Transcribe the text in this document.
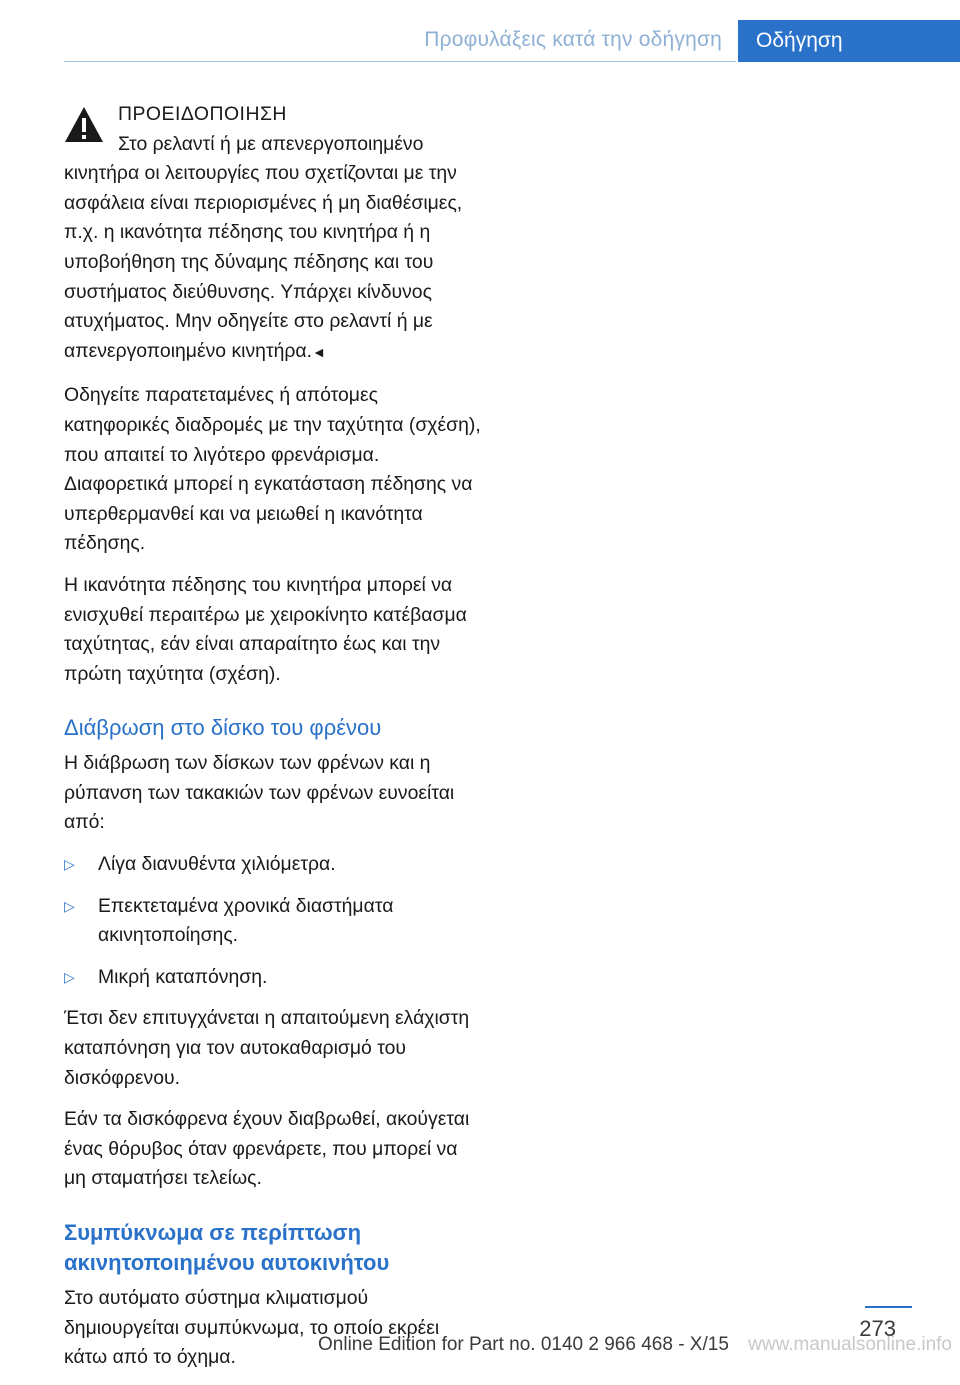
Προφυλάξεις κατά την οδήγηση Οδήγηση
ΠΡΟΕΙΔΟΠΟΙΗΣΗ
Στο ρελαντί ή με απενεργοποιημένο κινητήρα οι λειτουργίες που σχετίζονται με την ασφάλεια είναι περιορισμένες ή μη διαθέσιμες, π.χ. η ικανότητα πέδησης του κινητήρα ή η υποβοήθηση της δύναμης πέδησης και του συστήματος διεύθυνσης. Υπάρχει κίνδυνος ατυχήματος. Μην οδηγείτε στο ρελαντί ή με απενεργοποιημένο κινητήρα.◄

Οδηγείτε παρατεταμένες ή απότομες κατηφορικές διαδρομές με την ταχύτητα (σχέση), που απαιτεί το λιγότερο φρενάρισμα. Διαφορετικά μπορεί η εγκατάσταση πέδησης να υπερθερμανθεί και να μειωθεί η ικανότητα πέδησης.

Η ικανότητα πέδησης του κινητήρα μπορεί να ενισχυθεί περαιτέρω με χειροκίνητο κατέβασμα ταχύτητας, εάν είναι απαραίτητο έως και την πρώτη ταχύτητα (σχέση).

Διάβρωση στο δίσκο του φρένου

Η διάβρωση των δίσκων των φρένων και η ρύπανση των τακακιών των φρένων ευνοείται από:

▷ Λίγα διανυθέντα χιλιόμετρα.
▷ Επεκτεταμένα χρονικά διαστήματα ακινητοποίησης.
▷ Μικρή καταπόνηση.

Έτσι δεν επιτυγχάνεται η απαιτούμενη ελάχιστη καταπόνηση για τον αυτοκαθαρισμό του δισκόφρενου.

Εάν τα δισκόφρενα έχουν διαβρωθεί, ακούγεται ένας θόρυβος όταν φρενάρετε, που μπορεί να μη σταματήσει τελείως.

Συμπύκνωμα σε περίπτωση ακινητοποιημένου αυτοκινήτου

Στο αυτόματο σύστημα κλιματισμού δημιουργείται συμπύκνωμα, το οποίο εκρέει κάτω από το όχημα.

273
Online Edition for Part no. 0140 2 966 468 - X/15 www.manualsonline.info
